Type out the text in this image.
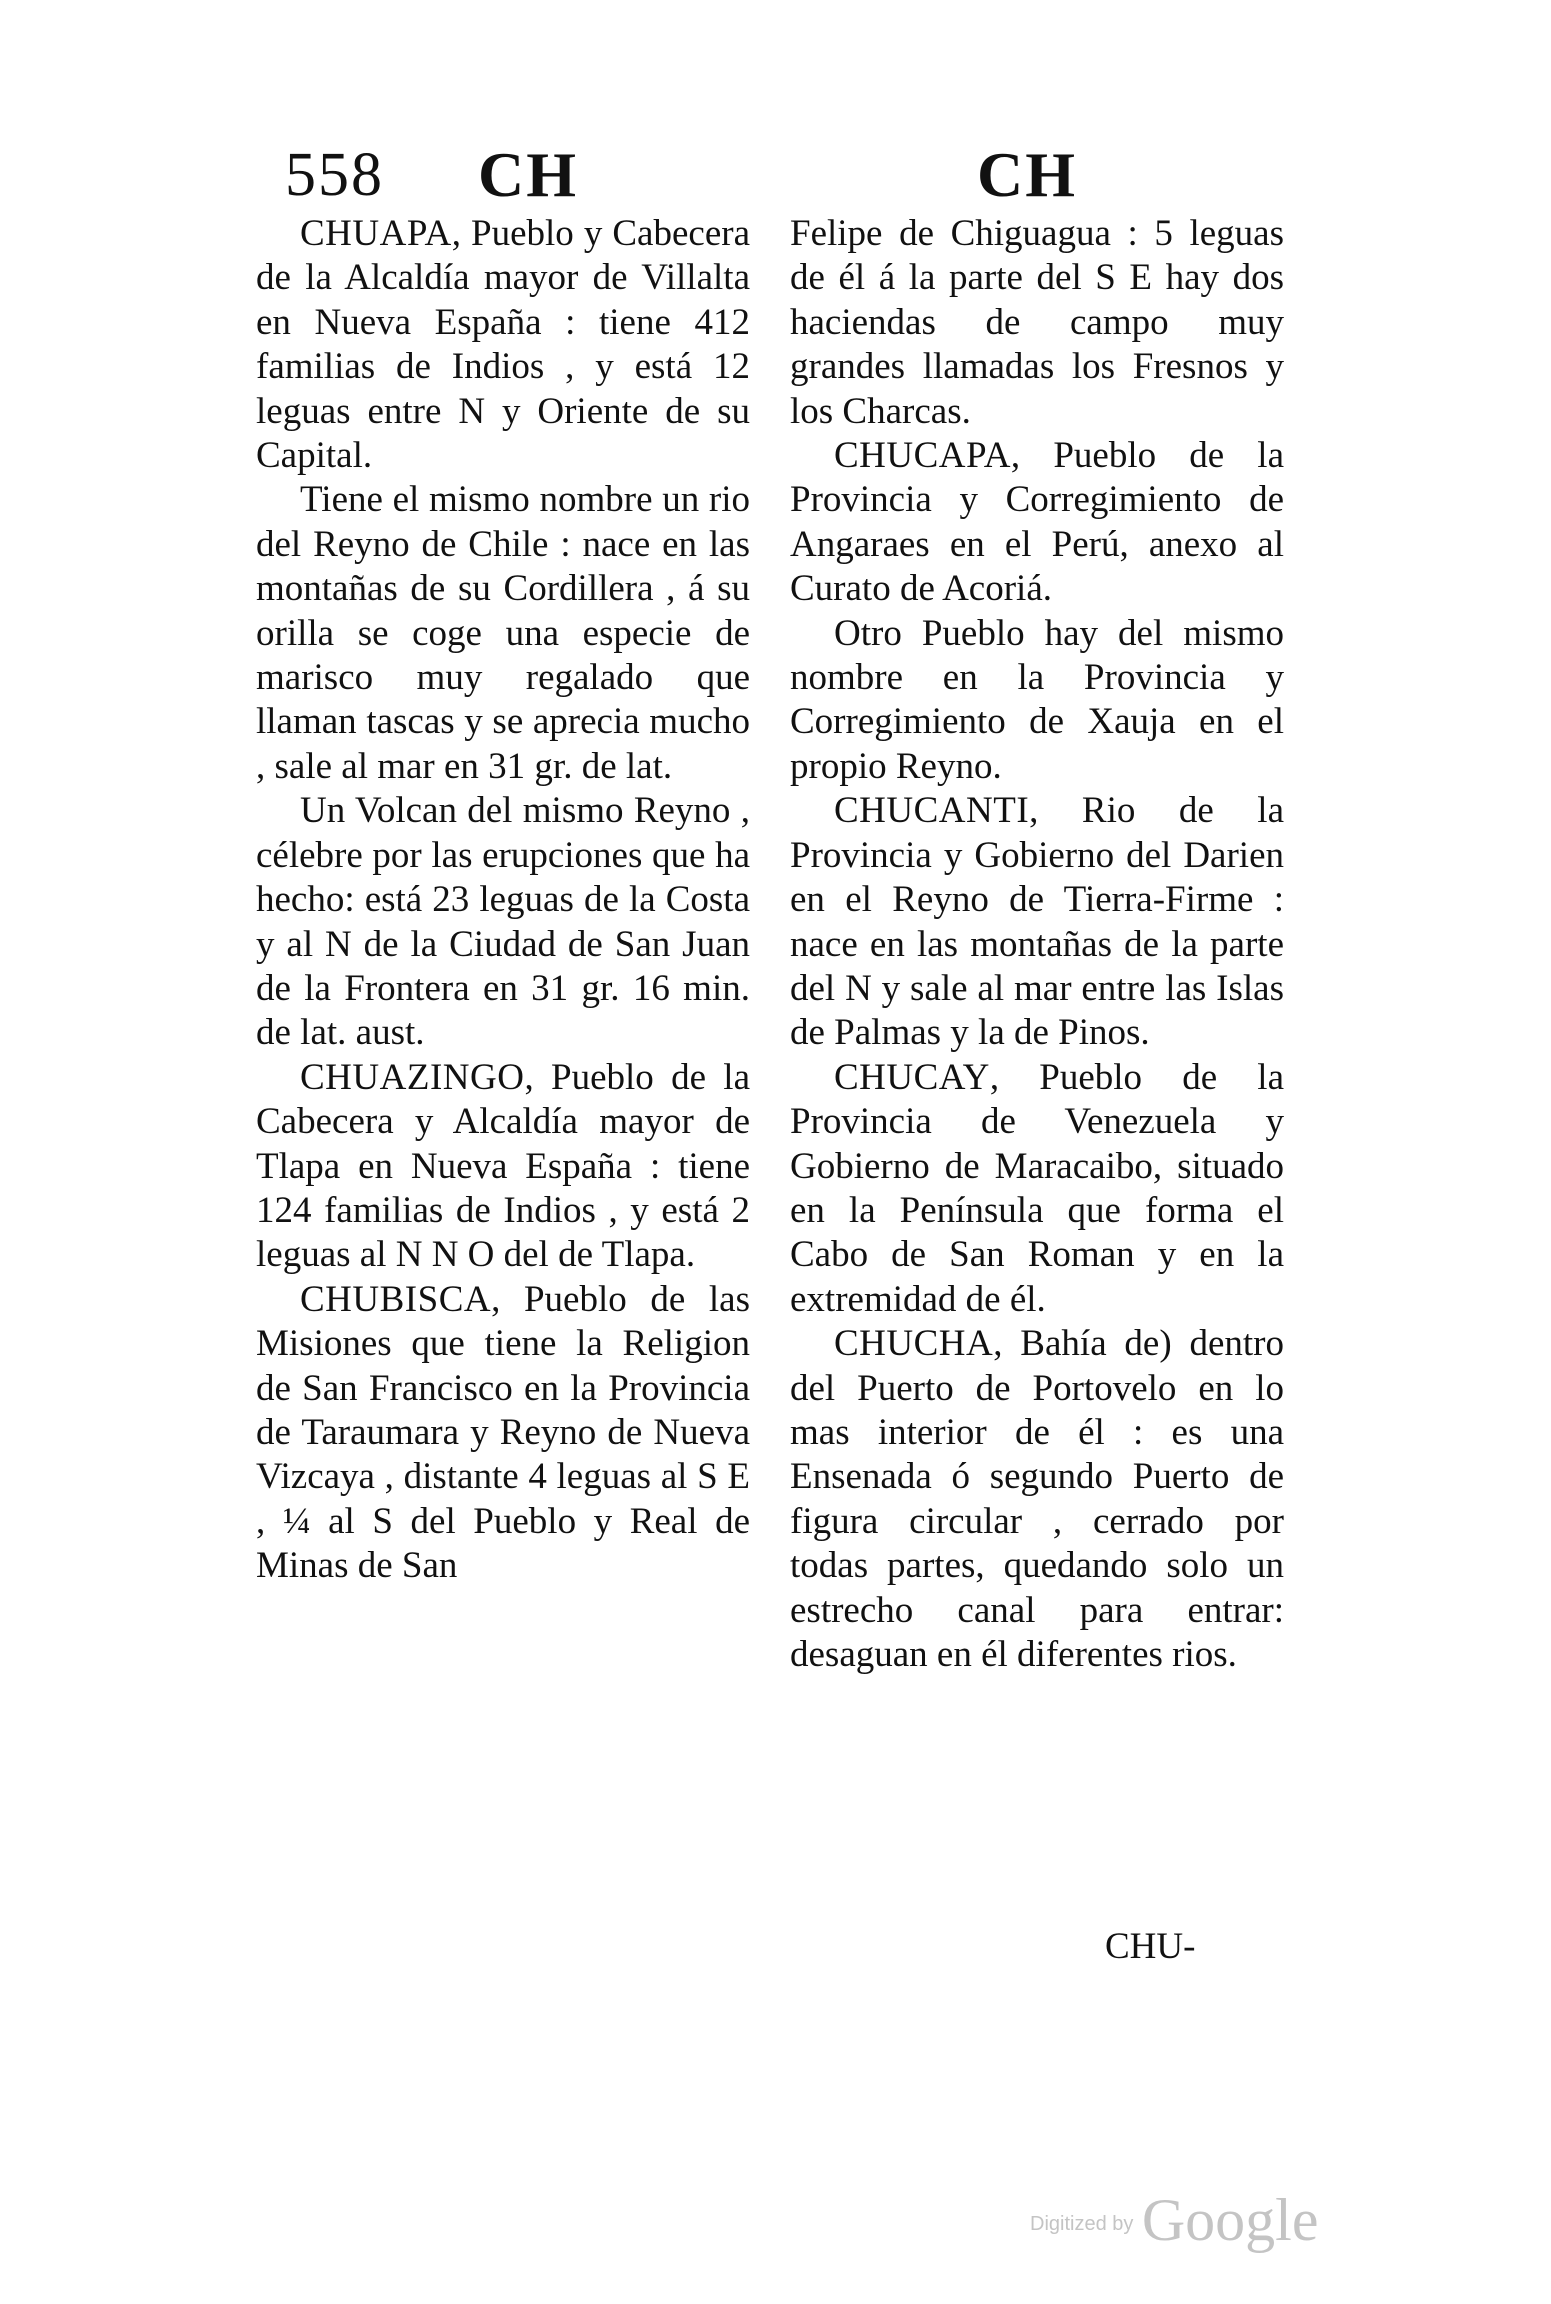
558 CH	CH

CHUAPA, Pueblo y Cabecera de la Alcaldía mayor de Villalta en Nueva España : tiene 412 familias de Indios , y está 12 leguas entre N y Oriente de su Capital.

Tiene el mismo nombre un rio del Reyno de Chile : nace en las montañas de su Cordillera , á su orilla se coge una especie de marisco muy regalado que llaman tascas y se aprecia mucho , sale al mar en 31 gr. de lat.

Un Volcan del mismo Reyno , célebre por las erupciones que ha hecho: está 23 leguas de la Costa y al N de la Ciudad de San Juan de la Frontera en 31 gr. 16 min. de lat. aust.

CHUAZINGO, Pueblo de la Cabecera y Alcaldía mayor de Tlapa en Nueva España : tiene 124 familias de Indios , y está 2 leguas al N N O del de Tlapa.

CHUBISCA, Pueblo de las Misiones que tiene la Religion de San Francisco en la Provincia de Taraumara y Reyno de Nueva Vizcaya , distante 4 leguas al S E , ¼ al S del Pueblo y Real de Minas de San

Felipe de Chiguagua : 5 leguas de él á la parte del S E hay dos haciendas de campo muy grandes llamadas los Fresnos y los Charcas.

CHUCAPA, Pueblo de la Provincia y Corregimiento de Angaraes en el Perú, anexo al Curato de Acoriá.

Otro Pueblo hay del mismo nombre en la Provincia y Corregimiento de Xauja en el propio Reyno.

CHUCANTI, Rio de la Provincia y Gobierno del Darien en el Reyno de Tierra-Firme : nace en las montañas de la parte del N y sale al mar entre las Islas de Palmas y la de Pinos.

CHUCAY, Pueblo de la Provincia de Venezuela y Gobierno de Maracaibo, situado en la Península que forma el Cabo de San Roman y en la extremidad de él.

CHUCHA, Bahía de) dentro del Puerto de Portovelo en lo mas interior de él : es una Ensenada ó segundo Puerto de figura circular , cerrado por todas partes, quedando solo un estrecho canal para entrar: desaguan en él diferentes rios.

CHU-
Digitized by Google
